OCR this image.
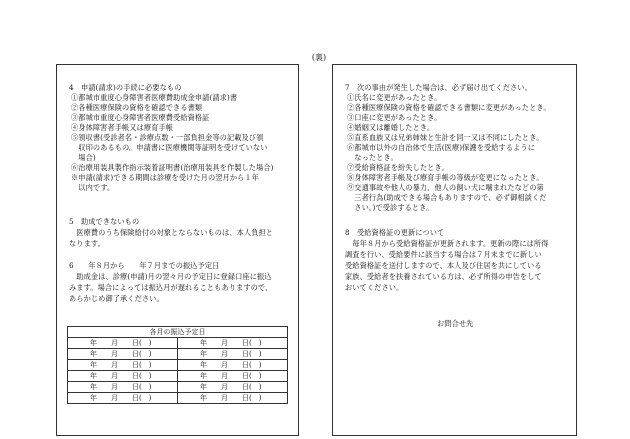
(裏)
4　申請(請求)の手続に必要なもの
①都城市重度心身障害者医療費助成金申請(請求)書
②各種医療保険の資格を確認できる書類
③都城市重度心身障害者医療費受給資格証
④身体障害者手帳又は療育手帳
⑤領収書(受診者名・診療点数・一部負担金等の記載及び領
　収印のあるもの。申請書に医療機関等証明を受けていない
　場合)
⑥治療用装具製作指示装着証明書(治療用装具を作製した場合)
※申請(請求)できる期間は診療を受けた月の翌月から１年
　以内です。
5　助成できないもの
　医療費のうち保険給付の対象とならないものは、本人負担と
なります。
6　　年８月から　　年７月までの振込予定日
　助成金は、診療(申請)月の翌々月の予定日に登録口座に振込
みます。場合によっては振込月が遅れることもありますので、
あらかじめ御了承ください。
各月の振込予定日
年　　月　　日(　)	年　　月　　日(　)
年　　月　　日(　)	年　　月　　日(　)
年　　月　　日(　)	年　　月　　日(　)
年　　月　　日(　)	年　　月　　日(　)
年　　月　　日(　)	年　　月　　日(　)
年　　月　　日(　)	年　　月　　日(　)
7　次の事由が発生した場合は、必ず届け出てください。
①氏名に変更があったとき。
②各種医療保険の資格を確認できる書類に変更があったとき。
③口座に変更があったとき。
④婚姻又は離婚したとき。
⑤直系血族又は兄弟姉妹と生計を同一又は不同にしたとき。
⑥都城市以外の自治体で生活(医療)保護を受給するように
　なったとき。
⑦受給資格証を紛失したとき。
⑧身体障害者手帳及び療育手帳の等級が変更になったとき。
⑨交通事故や他人の暴力、他人の飼い犬に噛まれたなどの第
　三者行為(助成できる場合もありますので、必ず御相談くだ
　さい。)で受診するとき。
8　受給資格証の更新について
　毎年８月から受給資格証が更新されます。更新の際には所得
調査を行い、受給要件に該当する場合は７月末までに新しい
受給資格証を送付しますので、本人及び住居を共にしている
家族、受給者を扶養されている方は、必ず所得の申告をして
おいてください。
お問合せ先
